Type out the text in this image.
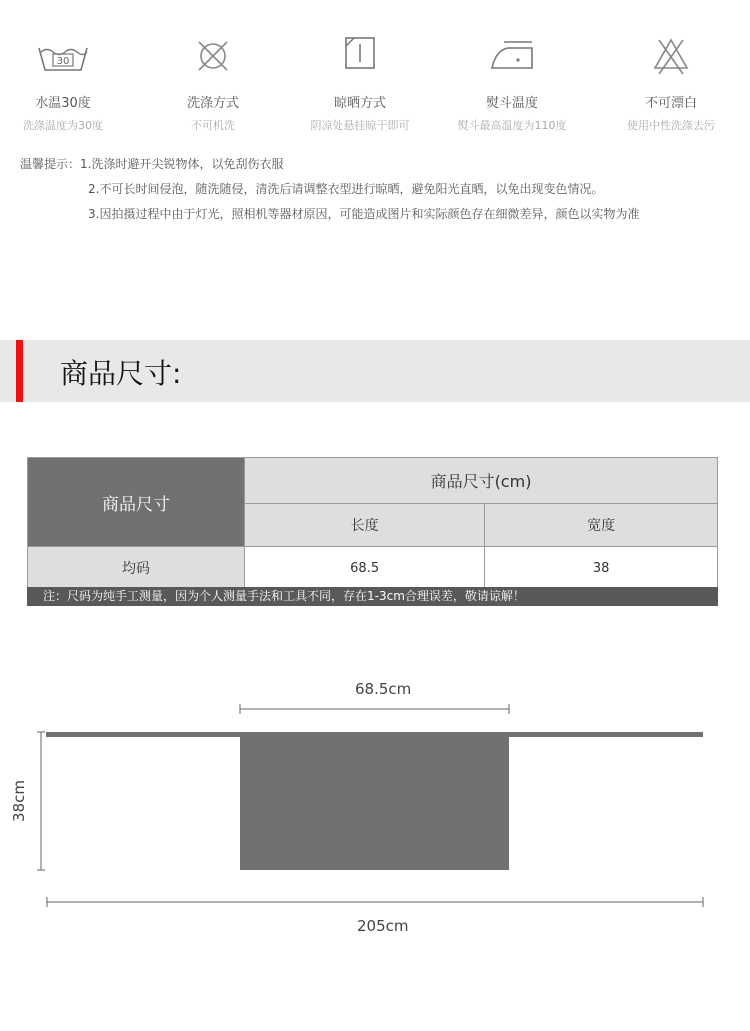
30
水温30度
洗涤温度为30度
洗涤方式
不可机洗
晾晒方式
阴凉处悬挂晾干即可
熨斗温度
熨斗最高温度为110度
不可漂白
使用中性洗涤去污
温馨提示：1.洗涤时避开尖锐物体，以免刮伤衣服
2.不可长时间侵泡，随洗随侵，清洗后请调整衣型进行晾晒，避免阳光直晒，以免出现变色情况。
3.因拍摄过程中由于灯光，照相机等器材原因，可能造成图片和实际颜色存在细微差异，颜色以实物为准
商品尺寸:
商品尺寸	商品尺寸(cm)	
	长度	宽度
均码	68.5	38
注：尺码为纯手工测量，因为个人测量手法和工具不同，存在1-3cm合理误差，敬请谅解！
68.5cm
38cm
205cm
